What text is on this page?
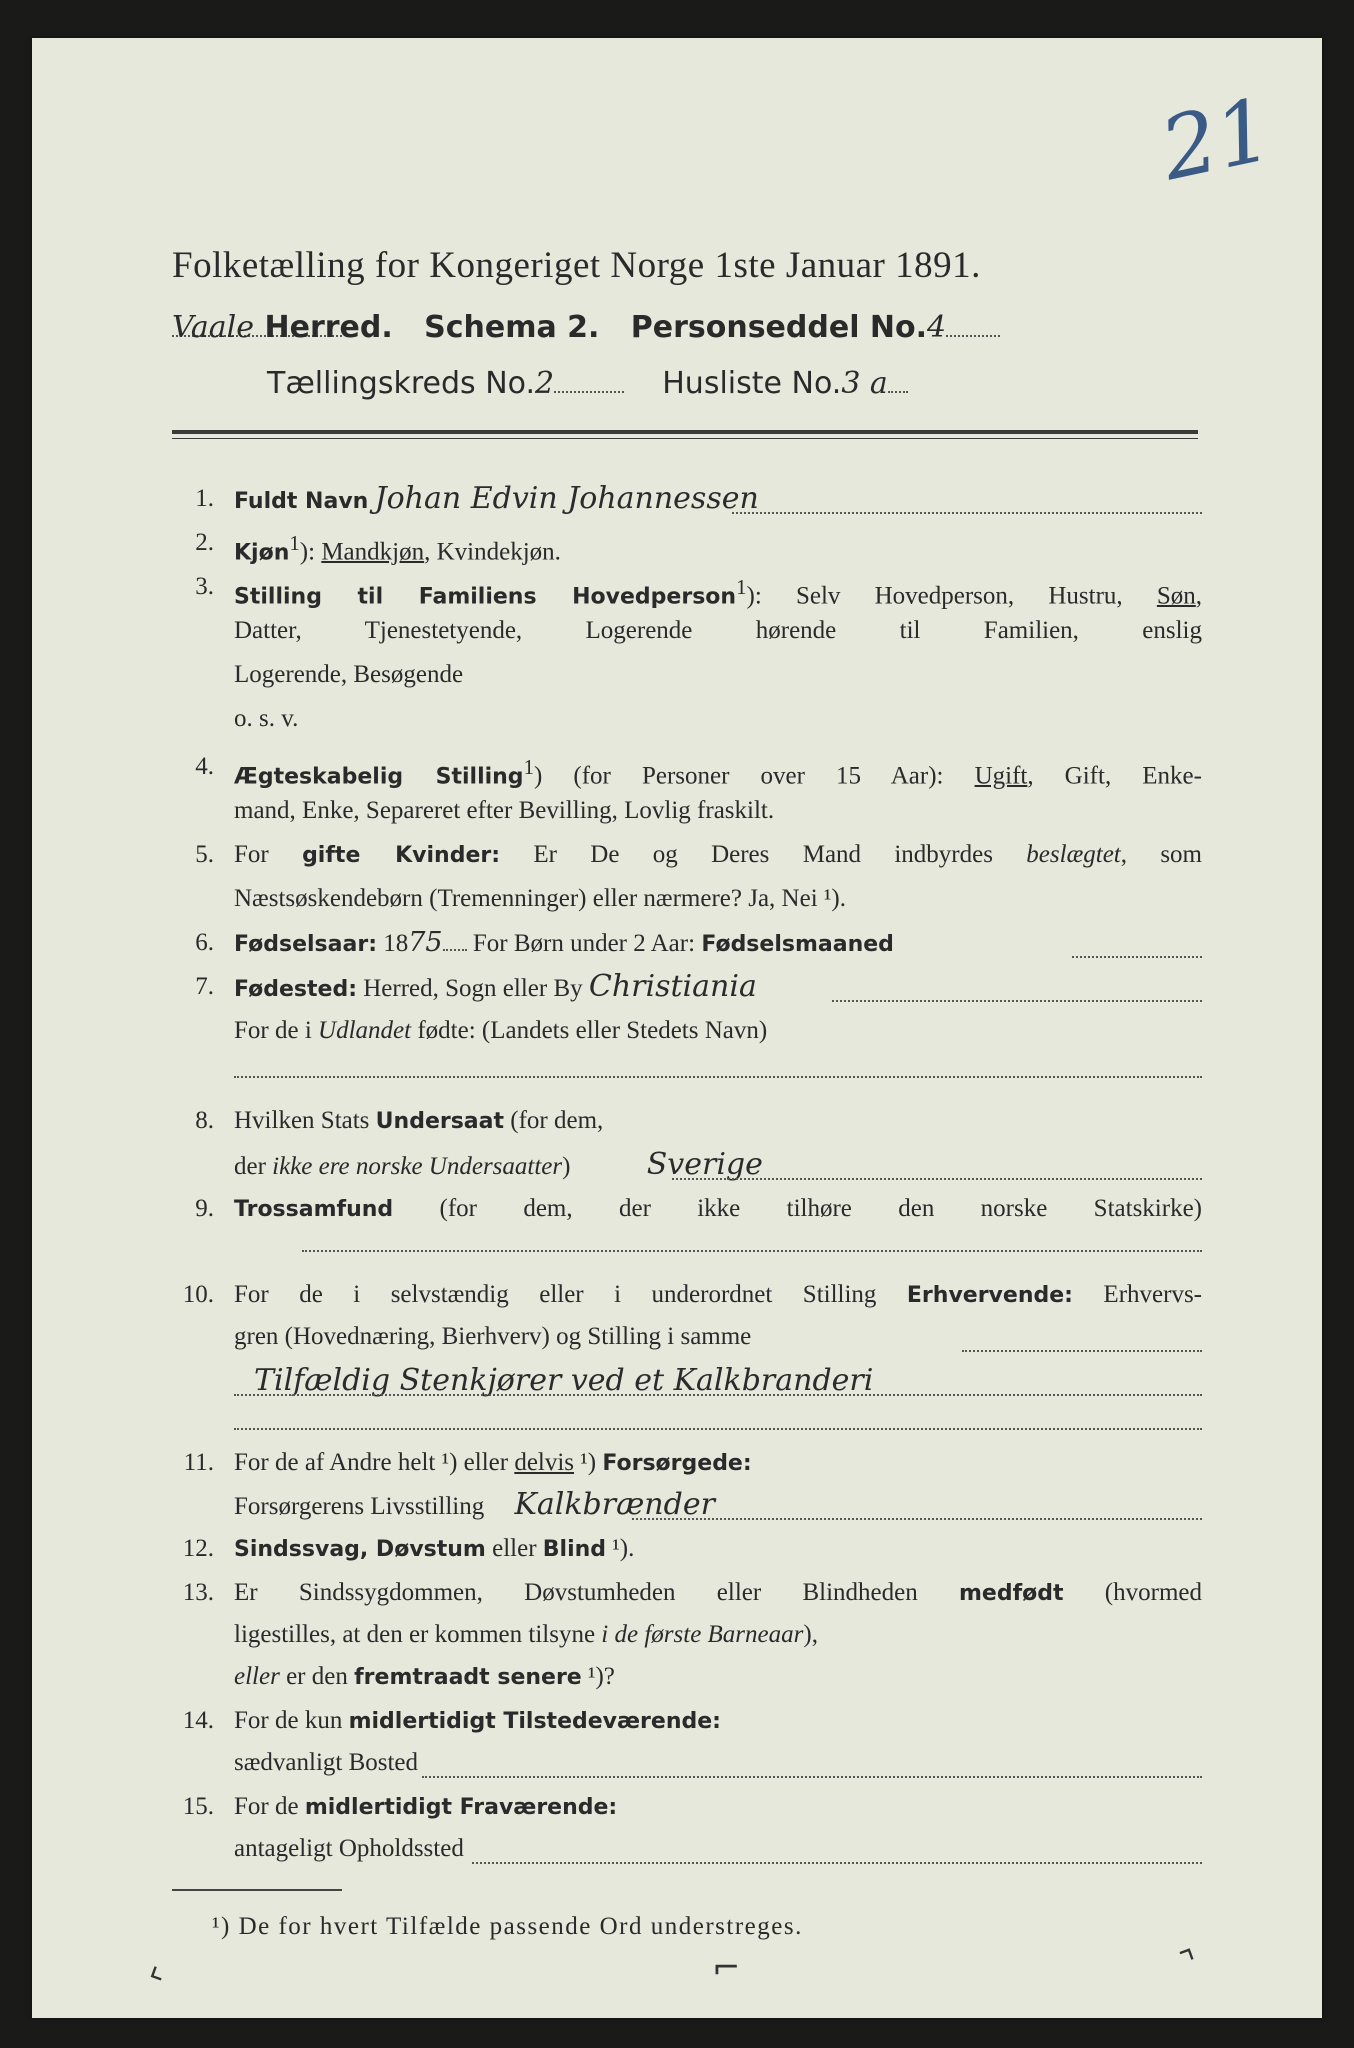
21
Folketælling for Kongeriget Norge 1ste Januar 1891.
Vaale Herred. Schema 2. Personseddel No.4
Tællingskreds No.2	Husliste No.3 a
1. Fuldt Navn Johan Edvin Johannessen
2. Kjøn$^1$): Mandkjøn, Kvindekjøn.
3. Stilling til Familiens Hovedperson$^1$): Selv Hovedperson, Hustru, Søn,
Datter, Tjenestetyende, Logerende hørende til Familien, enslig
Logerende, Besøgende
o. s. v.
4. Ægteskabelig Stilling$^1$) (for Personer over 15 Aar): Ugift, Gift, Enke-
mand, Enke, Separeret efter Bevilling, Lovlig fraskilt.
5. For gifte Kvinder: Er De og Deres Mand indbyrdes beslægtet, som
Næstsøskendebørn (Tremenninger) eller nærmere? Ja, Nei ¹).
6. Fødselsaar: 1875 For Børn under 2 Aar: Fødselsmaaned
7. Fødested: Herred, Sogn eller By Christiania
For de i Udlandet fødte: (Landets eller Stedets Navn)
8. Hvilken Stats Undersaat (for dem,
der ikke ere norske Undersaatter)	Sverige
9. Trossamfund (for dem, der ikke tilhøre den norske Statskirke)
10. For de i selvstændig eller i underordnet Stilling Erhvervende: Erhvervs-
gren (Hovednæring, Bierhverv) og Stilling i samme
Tilfældig Stenkjører ved et Kalkbranderi
11. For de af Andre helt ¹) eller delvis ¹) Forsørgede:
Forsørgerens Livsstilling Kalkbrænder
12. Sindssvag, Døvstum eller Blind ¹).
13. Er Sindssygdommen, Døvstumheden eller Blindheden medfødt (hvormed
ligestilles, at den er kommen tilsyne i de første Barneaar),
eller er den fremtraadt senere ¹)?
14. For de kun midlertidigt Tilstedeværende:
sædvanligt Bosted
15. For de midlertidigt Fraværende:
antageligt Opholdssted
¹) De for hvert Tilfælde passende Ord understreges.
⌞	⌐	⌝
